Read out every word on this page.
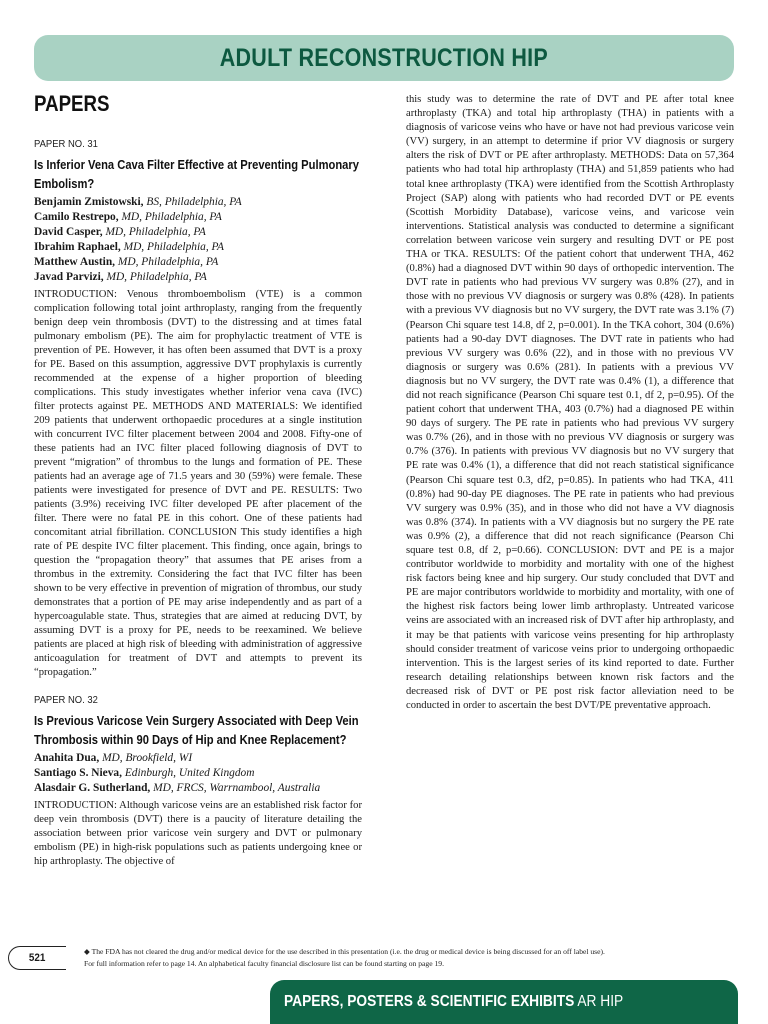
ADULT RECONSTRUCTION HIP
PAPERS
PAPER NO. 31
Is Inferior Vena Cava Filter Effective at Preventing Pulmonary Embolism?
Benjamin Zmistowski, BS, Philadelphia, PA
Camilo Restrepo, MD, Philadelphia, PA
David Casper, MD, Philadelphia, PA
Ibrahim Raphael, MD, Philadelphia, PA
Matthew Austin, MD, Philadelphia, PA
Javad Parvizi, MD, Philadelphia, PA

INTRODUCTION: Venous thromboembolism (VTE) is a common complication following total joint arthroplasty, ranging from the frequently benign deep vein thrombosis (DVT) to the distressing and at times fatal pulmonary embolism (PE). The aim for prophylactic treatment of VTE is prevention of PE. However, it has often been assumed that DVT is a proxy for PE. Based on this assumption, aggressive DVT prophylaxis is currently recommended at the expense of a higher proportion of bleeding complications. This study investigates whether inferior vena cava (IVC) filter protects against PE. METHODS AND MATERIALS: We identified 209 patients that underwent orthopaedic procedures at a single institution with concurrent IVC filter placement between 2004 and 2008. Fifty-one of these patients had an IVC filter placed following diagnosis of DVT to prevent “migration” of thrombus to the lungs and formation of PE. These patients had an average age of 71.5 years and 30 (59%) were female. These patients were investigated for presence of DVT and PE. RESULTS: Two patients (3.9%) receiving IVC filter developed PE after placement of the filter. There were no fatal PE in this cohort. One of these patients had concomitant atrial fibrillation. CONCLUSION This study identifies a high rate of PE despite IVC filter placement. This finding, once again, brings to question the “propagation theory” that assumes that PE arises from a thrombus in the extremity. Considering the fact that IVC filter has been shown to be very effective in prevention of migration of thrombus, our study demonstrates that a portion of PE may arise independently and as part of a hypercoagulable state. Thus, strategies that are aimed at reducing DVT, by assuming DVT is a proxy for PE, needs to be reexamined. We believe patients are placed at high risk of bleeding with administration of aggressive anticoagulation for treatment of DVT and attempts to prevent its “propagation.”

PAPER NO. 32
Is Previous Varicose Vein Surgery Associated with Deep Vein Thrombosis within 90 Days of Hip and Knee Replacement?
Anahita Dua, MD, Brookfield, WI
Santiago S. Nieva, Edinburgh, United Kingdom
Alasdair G. Sutherland, MD, FRCS, Warrnambool, Australia

INTRODUCTION: Although varicose veins are an established risk factor for deep vein thrombosis (DVT) there is a paucity of literature detailing the association between prior varicose vein surgery and DVT or pulmonary embolism (PE) in high-risk populations such as patients undergoing knee or hip arthroplasty. The objective of

this study was to determine the rate of DVT and PE after total knee arthroplasty (TKA) and total hip arthroplasty (THA) in patients with a diagnosis of varicose veins who have or have not had previous varicose vein (VV) surgery, in an attempt to determine if prior VV diagnosis or surgery alters the risk of DVT or PE after arthroplasty. METHODS: Data on 57,364 patients who had total hip arthroplasty (THA) and 51,859 patients who had total knee arthroplasty (TKA) were identified from the Scottish Arthroplasty Project (SAP) along with patients who had recorded DVT or PE events (Scottish Morbidity Database), varicose veins, and varicose vein interventions. Statistical analysis was conducted to determine a significant correlation between varicose vein surgery and resulting DVT or PE post THA or TKA. RESULTS: Of the patient cohort that underwent THA, 462 (0.8%) had a diagnosed DVT within 90 days of orthopedic intervention. The DVT rate in patients who had previous VV surgery was 0.8% (27), and in those with no previous VV diagnosis or surgery was 0.8% (428). In patients with a previous VV diagnosis but no VV surgery, the DVT rate was 3.1% (7) (Pearson Chi square test 14.8, df 2, p=0.001). In the TKA cohort, 304 (0.6%) patients had a 90-day DVT diagnoses. The DVT rate in patients who had previous VV surgery was 0.6% (22), and in those with no previous VV diagnosis or surgery was 0.6% (281). In patients with a previous VV diagnosis but no VV surgery, the DVT rate was 0.4% (1), a difference that did not reach significance (Pearson Chi square test 0.1, df 2, p=0.95). Of the patient cohort that underwent THA, 403 (0.7%) had a diagnosed PE within 90 days of surgery. The PE rate in patients who had previous VV surgery was 0.7% (26), and in those with no previous VV diagnosis or surgery was 0.7% (376). In patients with previous VV diagnosis but no VV surgery that PE rate was 0.4% (1), a difference that did not reach statistical significance (Pearson Chi square test 0.3, df2, p=0.85). In patients who had TKA, 411 (0.8%) had 90-day PE diagnoses. The PE rate in patients who had previous VV surgery was 0.9% (35), and in those who did not have a VV diagnosis was 0.8% (374). In patients with a VV diagnosis but no surgery the PE rate was 0.9% (2), a difference that did not reach significance (Pearson Chi square test 0.8, df 2, p=0.66). CONCLUSION: DVT and PE is a major contributor worldwide to morbidity and mortality with one of the highest risk factors being knee and hip surgery. Our study concluded that DVT and PE are major contributors worldwide to morbidity and mortality, with one of the highest risk factors being lower limb arthroplasty. Untreated varicose veins are associated with an increased risk of DVT after hip arthroplasty, and it may be that patients with varicose veins presenting for hip arthroplasty should consider treatment of varicose veins prior to undergoing orthopaedic intervention. This is the largest series of its kind reported to date. Further research detailing relationships between known risk factors and the decreased risk of DVT or PE post risk factor alleviation need to be conducted in order to ascertain the best DVT/PE preventative approach.

521
◆ The FDA has not cleared the drug and/or medical device for the use described in this presentation (i.e. the drug or medical device is being discussed for an off label use).
For full information refer to page 14. An alphabetical faculty financial disclosure list can be found starting on page 19.
PAPERS, POSTERS & SCIENTIFIC EXHIBITS AR HIP
